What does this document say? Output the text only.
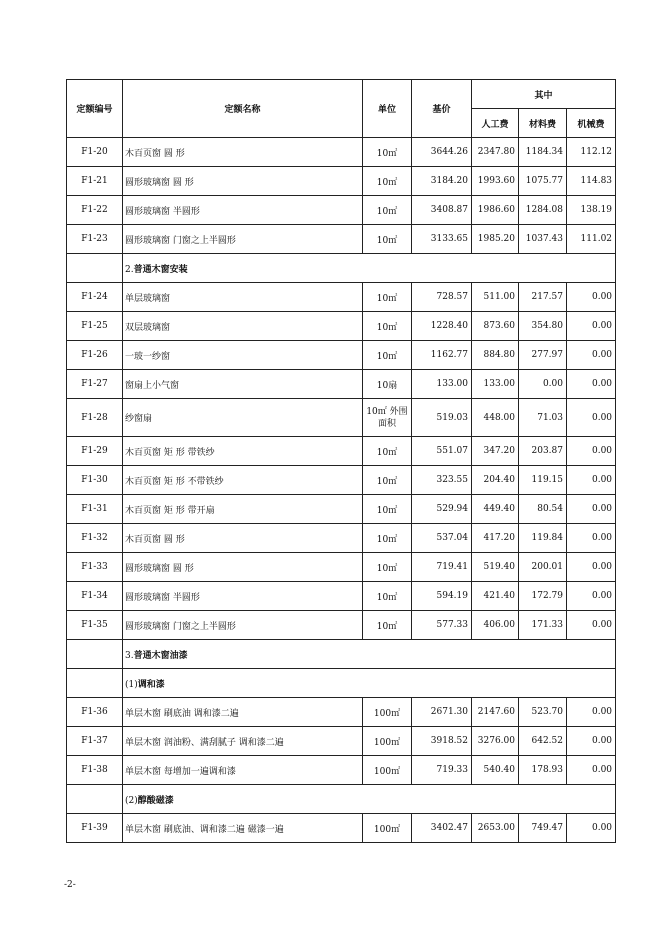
定额编号	定额名称	单位	基价	其中		
				人工费	材料费	机械费
F1-20	木百页窗 圆 形	10㎡	3644.26	2347.80	1184.34	112.12
F1-21	圆形玻璃窗 圆 形	10㎡	3184.20	1993.60	1075.77	114.83
F1-22	圆形玻璃窗 半圆形	10㎡	3408.87	1986.60	1284.08	138.19
F1-23	圆形玻璃窗 门窗之上半圆形	10㎡	3133.65	1985.20	1037.43	111.02
	2.普通木窗安装					
F1-24	单层玻璃窗	10㎡	728.57	511.00	217.57	0.00
F1-25	双层玻璃窗	10㎡	1228.40	873.60	354.80	0.00
F1-26	一玻一纱窗	10㎡	1162.77	884.80	277.97	0.00
F1-27	窗扇上小气窗	10扇	133.00	133.00	0.00	0.00
F1-28	纱窗扇	10㎡ 外围面积	519.03	448.00	71.03	0.00
F1-29	木百页窗 矩 形 带铁纱	10㎡	551.07	347.20	203.87	0.00
F1-30	木百页窗 矩 形 不带铁纱	10㎡	323.55	204.40	119.15	0.00
F1-31	木百页窗 矩 形 带开扇	10㎡	529.94	449.40	80.54	0.00
F1-32	木百页窗 圆 形	10㎡	537.04	417.20	119.84	0.00
F1-33	圆形玻璃窗 圆 形	10㎡	719.41	519.40	200.01	0.00
F1-34	圆形玻璃窗 半圆形	10㎡	594.19	421.40	172.79	0.00
F1-35	圆形玻璃窗 门窗之上半圆形	10㎡	577.33	406.00	171.33	0.00
	3.普通木窗油漆					
	(1)调和漆					
F1-36	单层木窗 刷底油 调和漆二遍	100㎡	2671.30	2147.60	523.70	0.00
F1-37	单层木窗 润油粉、满刮腻子 调和漆二遍	100㎡	3918.52	3276.00	642.52	0.00
F1-38	单层木窗 每增加一遍调和漆	100㎡	719.33	540.40	178.93	0.00
	(2)醇酸磁漆					
F1-39	单层木窗 刷底油、调和漆二遍 磁漆一遍	100㎡	3402.47	2653.00	749.47	0.00
-2-
